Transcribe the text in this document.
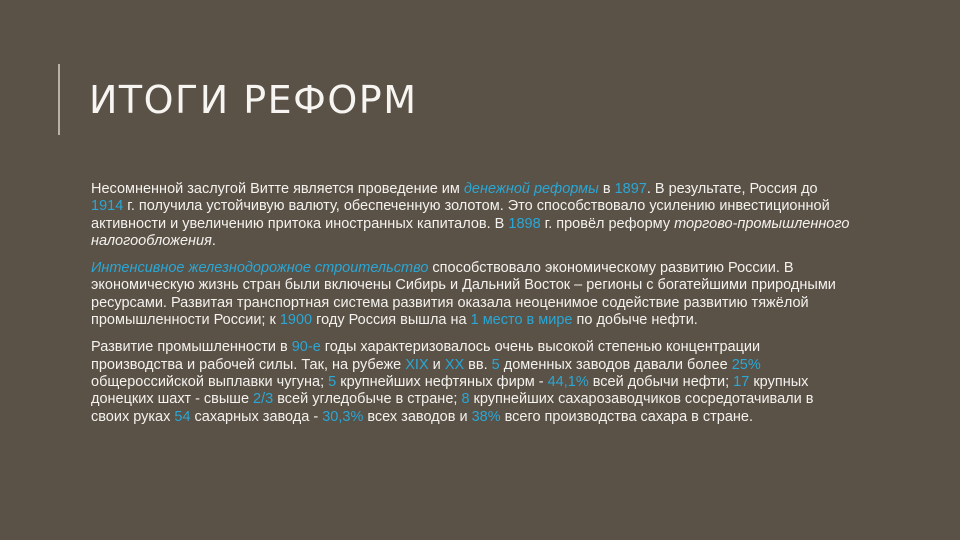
ИТОГИ РЕФОРМ

Несомненной заслугой Витте является проведение им денежной реформы в 1897. В результате, Россия до 1914 г. получила устойчивую валюту, обеспеченную золотом. Это способствовало усилению инвестиционной активности и увеличению притока иностранных капиталов. В 1898 г. провёл реформу торгово-промышленного налогообложения.

Интенсивное железнодорожное строительство способствовало экономическому развитию России. В экономическую жизнь стран были включены Сибирь и Дальний Восток – регионы с богатейшими природными ресурсами. Развитая транспортная система развития оказала неоценимое содействие развитию тяжёлой промышленности России; к 1900 году Россия вышла на 1 место в мире по добыче нефти.

Развитие промышленности в 90-е годы характеризовалось очень высокой степенью концентрации производства и рабочей силы. Так, на рубеже XIX и XX вв. 5 доменных заводов давали более 25% общероссийской выплавки чугуна; 5 крупнейших нефтяных фирм - 44,1% всей добычи нефти; 17 крупных донецких шахт - свыше 2/3 всей угледобыче в стране; 8 крупнейших сахарозаводчиков сосредотачивали в своих руках 54 сахарных завода - 30,3% всех заводов и 38% всего производства сахара в стране.
